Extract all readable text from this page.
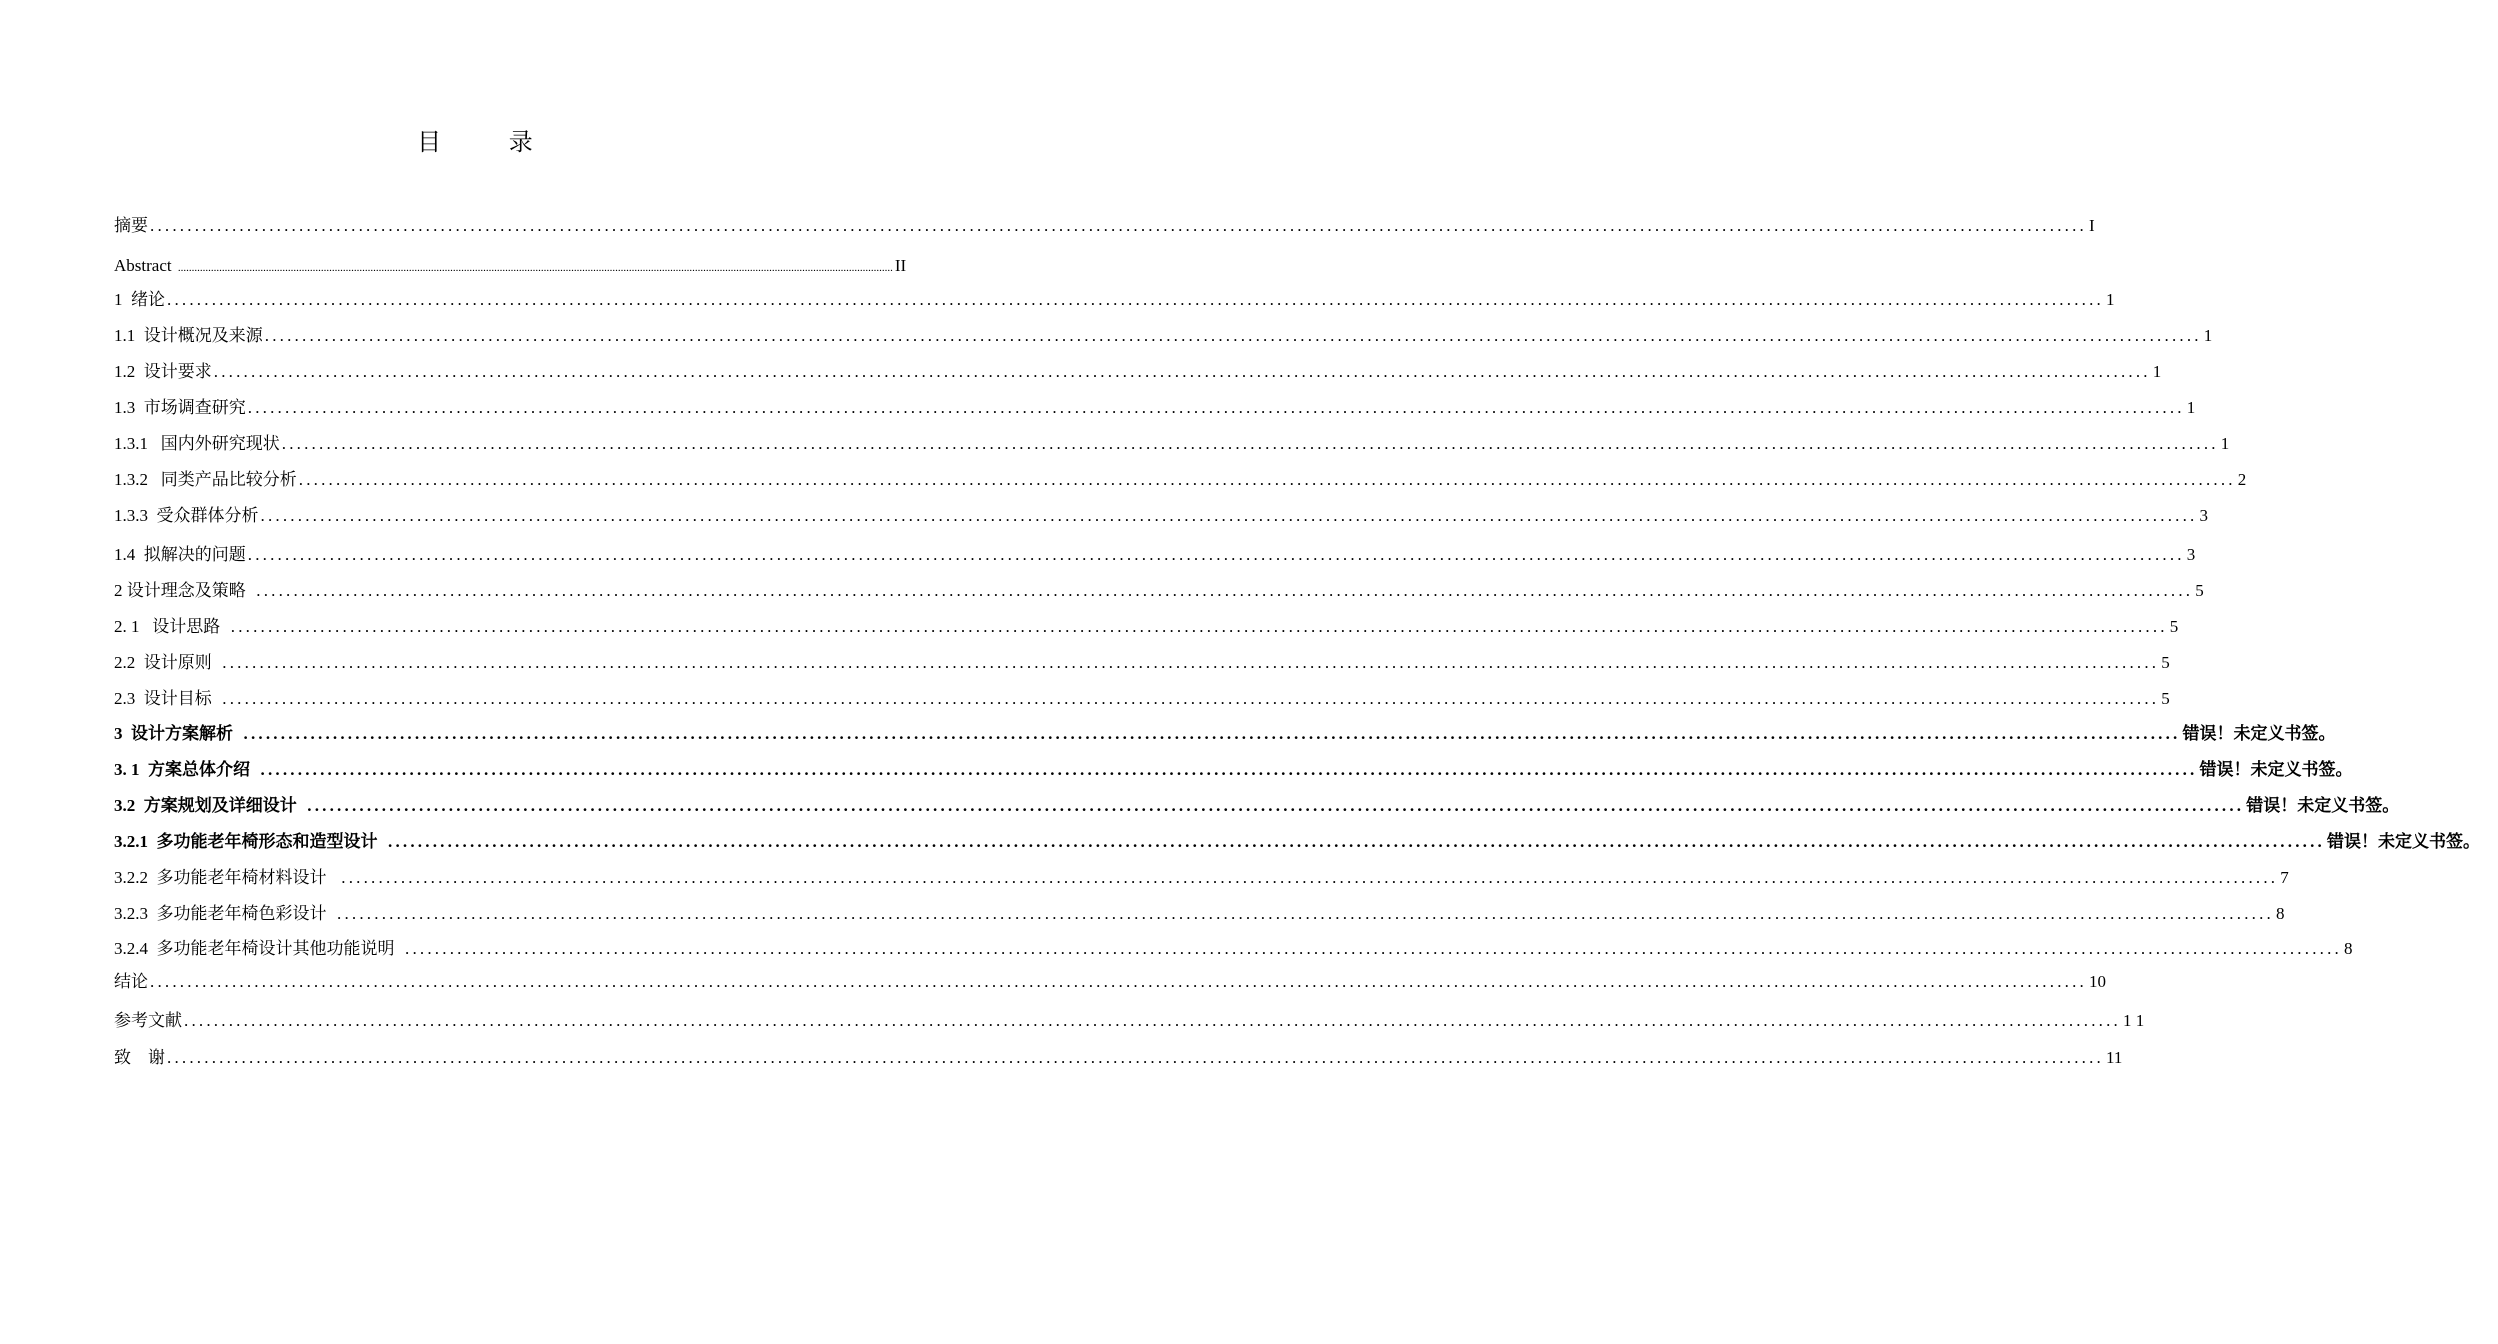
目 录
摘要 .................................................................................................................................................................................................................................................................... I
Abstract .................................................................................................................................................................................................................................................................... II
1  绪论 .................................................................................................................................................................................................................................................................... 1
1.1  设计概况及来源 .................................................................................................................................................................................................................................................................... 1
1.2  设计要求 .................................................................................................................................................................................................................................................................... 1
1.3  市场调查研究 .................................................................................................................................................................................................................................................................... 1
1.3.1   国内外研究现状 .................................................................................................................................................................................................................................................................... 1
1.3.2   同类产品比较分析 .................................................................................................................................................................................................................................................................... 2
1.3.3  受众群体分析 .................................................................................................................................................................................................................................................................... 3
1.4  拟解决的问题 .................................................................................................................................................................................................................................................................... 3
2 设计理念及策略 .................................................................................................................................................................................................................................................................... 5
2. 1   设计思路 .................................................................................................................................................................................................................................................................... 5
2.2  设计原则 .................................................................................................................................................................................................................................................................... 5
2.3  设计目标 .................................................................................................................................................................................................................................................................... 5
3  设计方案解析 .................................................................................................................................................................................................................................................................... 错误！未定义书签。
3. 1  方案总体介绍 .................................................................................................................................................................................................................................................................... 错误！未定义书签。
3.2  方案规划及详细设计 .................................................................................................................................................................................................................................................................... 错误！未定义书签。
3.2.1  多功能老年椅形态和造型设计 .................................................................................................................................................................................................................................................................... 错误！未定义书签。
3.2.2  多功能老年椅材料设计 .................................................................................................................................................................................................................................................................... 7
3.2.3  多功能老年椅色彩设计 .................................................................................................................................................................................................................................................................... 8
3.2.4  多功能老年椅设计其他功能说明 .................................................................................................................................................................................................................................................................... 8
结论 .................................................................................................................................................................................................................................................................... 10
参考文献 .................................................................................................................................................................................................................................................................... 1 1
致    谢 .................................................................................................................................................................................................................................................................... 11
